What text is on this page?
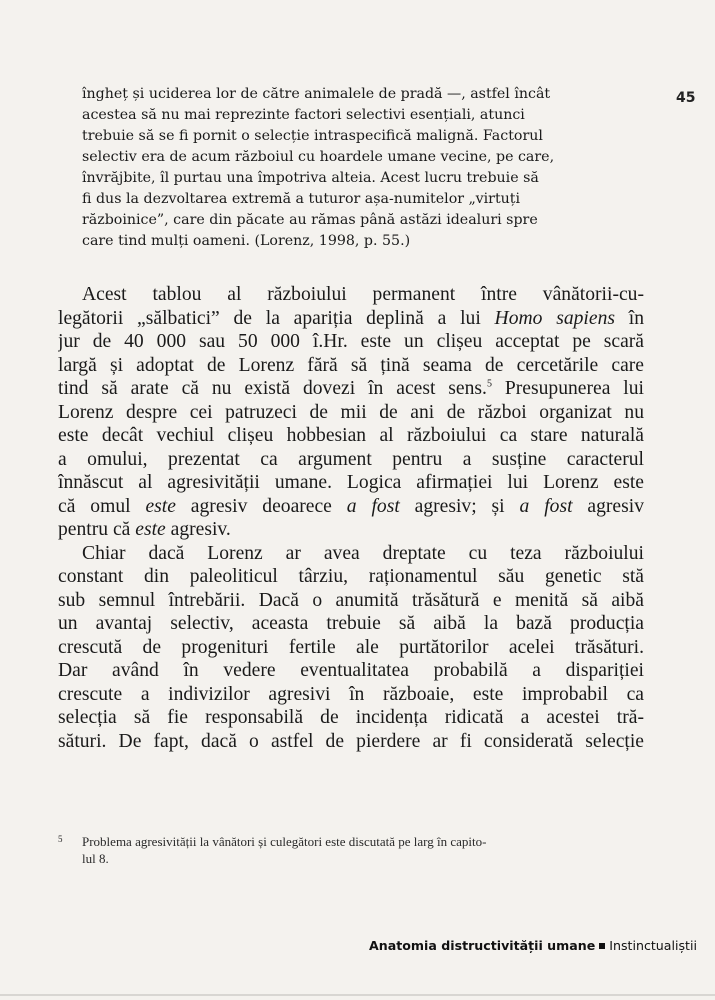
45
îngheț și uciderea lor de către animalele de pradă —, astfel încât
acestea să nu mai reprezinte factori selectivi esențiali, atunci
trebuie să se fi pornit o selecție intraspecifică malignă. Factorul
selectiv era de acum războiul cu hoardele umane vecine, pe care,
învrăjbite, îl purtau una împotriva alteia. Acest lucru trebuie să
fi dus la dezvoltarea extremă a tuturor așa-numitelor „virtuți
războinice”, care din păcate au rămas până astăzi idealuri spre
care tind mulți oameni. (Lorenz, 1998, p. 55.)
Acest tablou al războiului permanent între vânătorii-cu-
legătorii „sălbatici” de la apariția deplină a lui Homo sapiens în
jur de 40 000 sau 50 000 î.Hr. este un clișeu acceptat pe scară
largă și adoptat de Lorenz fără să țină seama de cercetările care
tind să arate că nu există dovezi în acest sens.$^5$ Presupunerea lui
Lorenz despre cei patruzeci de mii de ani de război organizat nu
este decât vechiul clișeu hobbesian al războiului ca stare naturală
a omului, prezentat ca argument pentru a susține caracterul
înnăscut al agresivității umane. Logica afirmației lui Lorenz este
că omul este agresiv deoarece a fost agresiv; și a fost agresiv
pentru că este agresiv.
Chiar dacă Lorenz ar avea dreptate cu teza războiului
constant din paleoliticul târziu, raționamentul său genetic stă
sub semnul întrebării. Dacă o anumită trăsătură e menită să aibă
un avantaj selectiv, aceasta trebuie să aibă la bază producția
crescută de progenituri fertile ale purtătorilor acelei trăsături.
Dar având în vedere eventualitatea probabilă a dispariției
crescute a indivizilor agresivi în războaie, este improbabil ca
selecția să fie responsabilă de incidența ridicată a acestei tră-
sături. De fapt, dacă o astfel de pierdere ar fi considerată selecție
5 Problema agresivității la vânători și culegători este discutată pe larg în capito-
lul 8.
Anatomia distructivității umane Instinctualiștii
